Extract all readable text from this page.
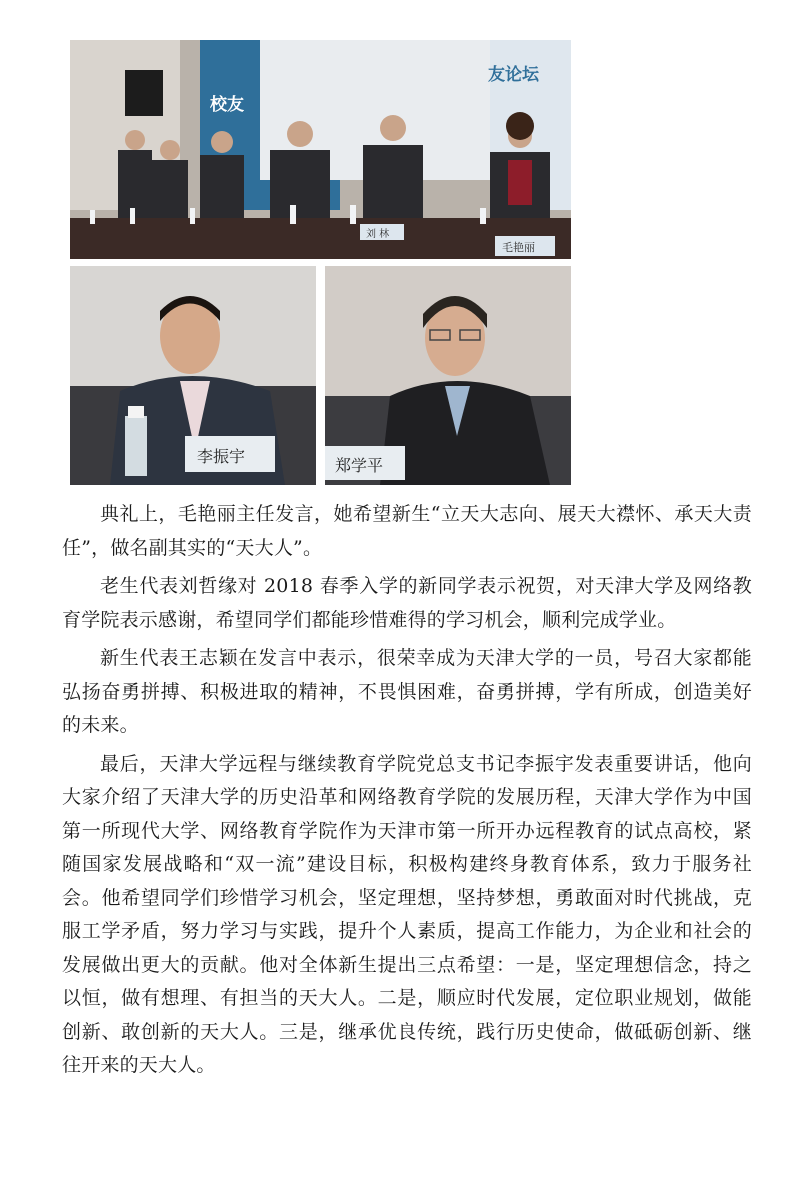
校友
友论坛
刘 林
毛艳丽
李振宇	郑学平

典礼上，毛艳丽主任发言，她希望新生“立天大志向、展天大襟怀、承天大责任”，做名副其实的“天大人”。

老生代表刘哲缘对 2018 春季入学的新同学表示祝贺，对天津大学及网络教育学院表示感谢，希望同学们都能珍惜难得的学习机会，顺利完成学业。

新生代表王志颖在发言中表示，很荣幸成为天津大学的一员，号召大家都能弘扬奋勇拼搏、积极进取的精神，不畏惧困难，奋勇拼搏，学有所成，创造美好的未来。

最后，天津大学远程与继续教育学院党总支书记李振宇发表重要讲话，他向大家介绍了天津大学的历史沿革和网络教育学院的发展历程，天津大学作为中国第一所现代大学、网络教育学院作为天津市第一所开办远程教育的试点高校，紧随国家发展战略和“双一流”建设目标，积极构建终身教育体系，致力于服务社会。他希望同学们珍惜学习机会，坚定理想，坚持梦想，勇敢面对时代挑战，克服工学矛盾，努力学习与实践，提升个人素质，提高工作能力，为企业和社会的发展做出更大的贡献。他对全体新生提出三点希望：一是，坚定理想信念，持之以恒，做有想理、有担当的天大人。二是，顺应时代发展，定位职业规划，做能创新、敢创新的天大人。三是，继承优良传统，践行历史使命，做砥砺创新、继往开来的天大人。
